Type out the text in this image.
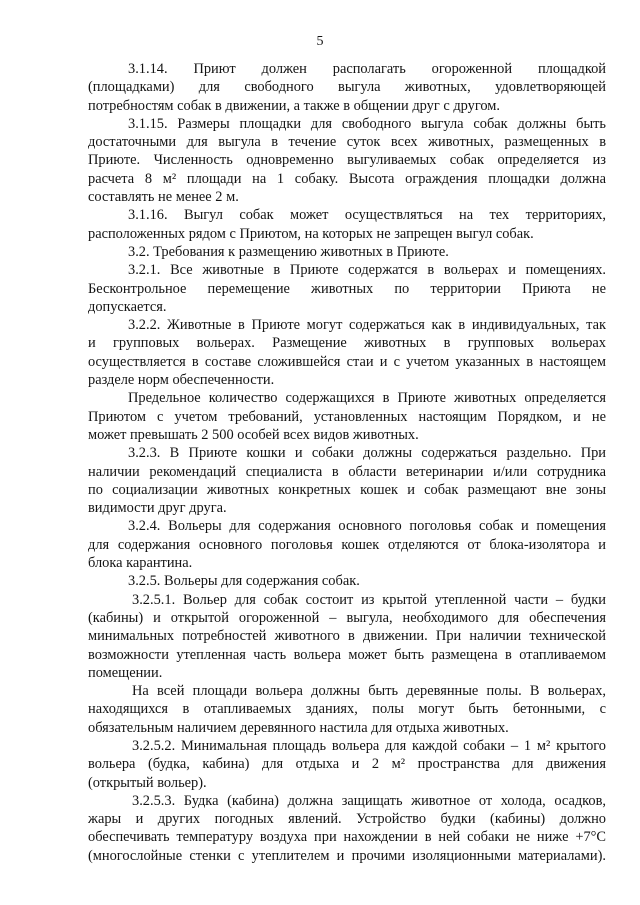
5
3.1.14. Приют должен располагать огороженной площадкой
(площадками) для свободного выгула животных, удовлетворяющей
потребностям собак в движении, а также в общении друг с другом.
3.1.15. Размеры площадки для свободного выгула собак должны быть
достаточными для выгула в течение суток всех животных, размещенных в
Приюте. Численность одновременно выгуливаемых собак определяется из
расчета 8 м² площади на 1 собаку. Высота ограждения площадки должна
составлять не менее 2 м.
3.1.16. Выгул собак может осуществляться на тех территориях,
расположенных рядом с Приютом, на которых не запрещен выгул собак.
3.2. Требования к размещению животных в Приюте.
3.2.1. Все животные в Приюте содержатся в вольерах и помещениях.
Бесконтрольное перемещение животных по территории Приюта не
допускается.
3.2.2. Животные в Приюте могут содержаться как в индивидуальных, так
и групповых вольерах. Размещение животных в групповых вольерах
осуществляется в составе сложившейся стаи и с учетом указанных в настоящем
разделе норм обеспеченности.
Предельное количество содержащихся в Приюте животных определяется
Приютом с учетом требований, установленных настоящим Порядком, и не
может превышать 2 500 особей всех видов животных.
3.2.3. В Приюте кошки и собаки должны содержаться раздельно. При
наличии рекомендаций специалиста в области ветеринарии и/или сотрудника
по социализации животных конкретных кошек и собак размещают вне зоны
видимости друг друга.
3.2.4. Вольеры для содержания основного поголовья собак и помещения
для содержания основного поголовья кошек отделяются от блока-изолятора и
блока карантина.
3.2.5. Вольеры для содержания собак.
3.2.5.1. Вольер для собак состоит из крытой утепленной части – будки
(кабины) и открытой огороженной – выгула, необходимого для обеспечения
минимальных потребностей животного в движении. При наличии технической
возможности утепленная часть вольера может быть размещена в отапливаемом
помещении.
На всей площади вольера должны быть деревянные полы. В вольерах,
находящихся в отапливаемых зданиях, полы могут быть бетонными, с
обязательным наличием деревянного настила для отдыха животных.
3.2.5.2. Минимальная площадь вольера для каждой собаки – 1 м² крытого
вольера (будка, кабина) для отдыха и 2 м² пространства для движения
(открытый вольер).
3.2.5.3. Будка (кабина) должна защищать животное от холода, осадков,
жары и других погодных явлений. Устройство будки (кабины) должно
обеспечивать температуру воздуха при нахождении в ней собаки не ниже +7°С
(многослойные стенки с утеплителем и прочими изоляционными материалами).
